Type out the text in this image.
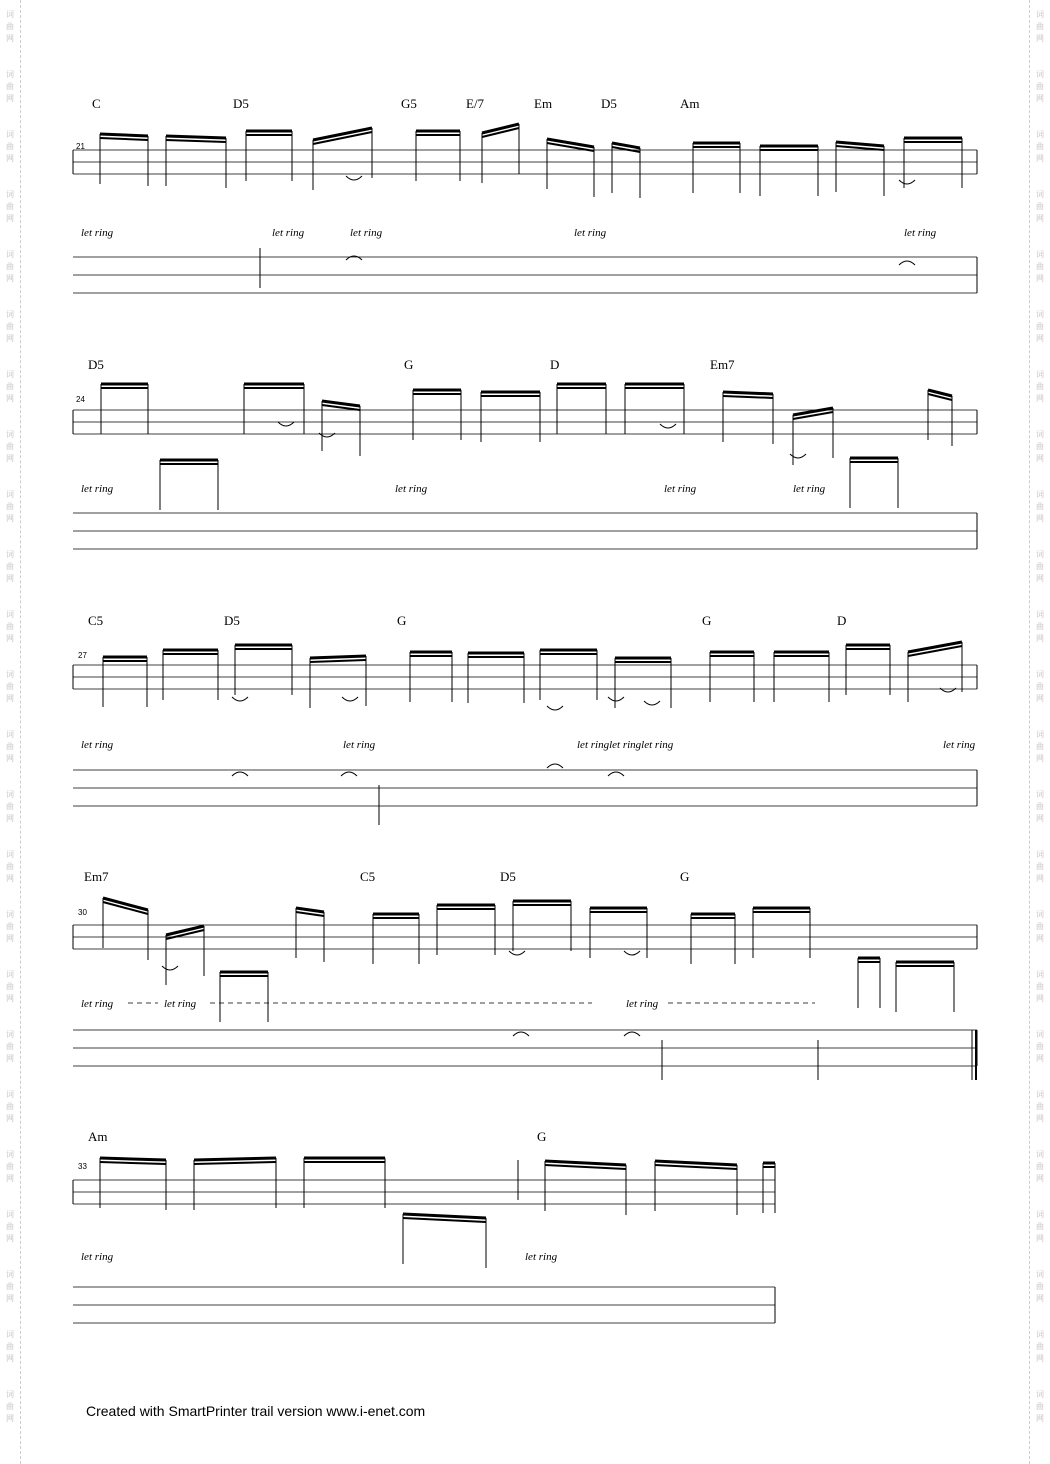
词
曲
网
词
曲
网
词
曲
网
词
曲
网
词
曲
网
词
曲
网
词
曲
网
词
曲
网
词
曲
网
词
曲
网
词
曲
网
词
曲
网
词
曲
网
词
曲
网
词
曲
网
词
曲
网
词
曲
网
词
曲
网
词
曲
网
词
曲
网
词
曲
网
词
曲
网
词
曲
网
词
曲
网
词
曲
网
词
曲
网
词
曲
网
词
曲
网
词
曲
网
词
曲
网
词
曲
网
词
曲
网
词
曲
网
词
曲
网
词
曲
网
词
曲
网
词
曲
网
词
曲
网
词
曲
网
词
曲
网
词
曲
网
词
曲
网
词
曲
网
词
曲
网
词
曲
网
词
曲
网
词
曲
网
词
曲
网
21
C	D5	G5	E/7	Em	D5	Am
let ring	let ring	let ring	let ring	let ring
24
D5	G	D	Em7
let ring	let ring	let ring	let ring
27
C5	D5	G	G	D
let ring	let ring	let ringlet ringlet ring	let ring
30
Em7	C5	D5	G
let ring	let ring	let ring
33
Am	G
let ring	let ring
Created with SmartPrinter trail version www.i-enet.com
